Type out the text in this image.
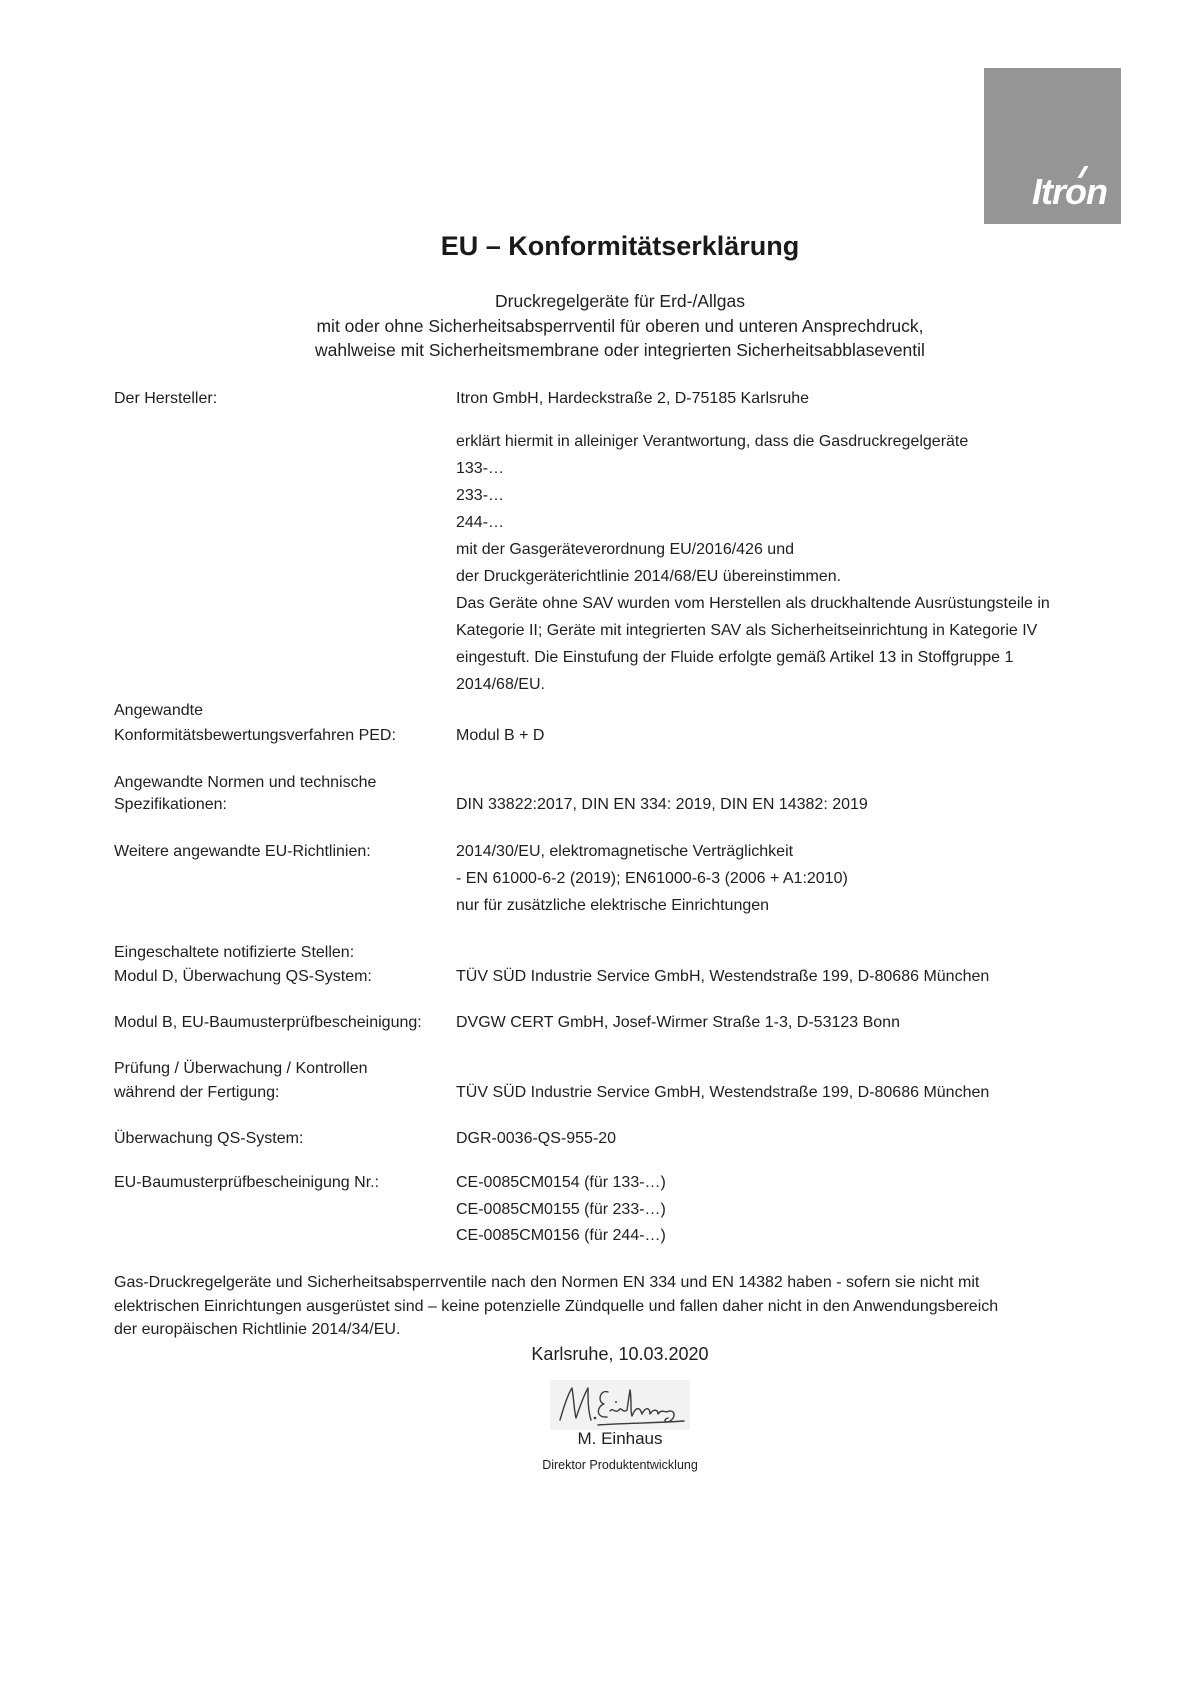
Itron
EU – Konformitätserklärung
Druckregelgeräte für Erd-/Allgas
mit oder ohne Sicherheitsabsperrventil für oberen und unteren Ansprechdruck,
wahlweise mit Sicherheitsmembrane oder integrierten Sicherheitsabblaseventil
Der Hersteller:	Itron GmbH, Hardeckstraße 2, D-75185 Karlsruhe
erklärt hiermit in alleiniger Verantwortung, dass die Gasdruckregelgeräte
133-…
233-…
244-…
mit der Gasgeräteverordnung EU/2016/426 und
der Druckgeräterichtlinie 2014/68/EU übereinstimmen.
Das Geräte ohne SAV wurden vom Herstellen als druckhaltende Ausrüstungsteile in
Kategorie II; Geräte mit integrierten SAV als Sicherheitseinrichtung in Kategorie IV
eingestuft. Die Einstufung der Fluide erfolgte gemäß Artikel 13 in Stoffgruppe 1
2014/68/EU.
Angewandte
Konformitätsbewertungsverfahren PED:	Modul B + D
Angewandte Normen und technische
Spezifikationen:	DIN 33822:2017, DIN EN 334: 2019, DIN EN 14382: 2019
Weitere angewandte EU-Richtlinien:	2014/30/EU, elektromagnetische Verträglichkeit
- EN 61000-6-2 (2019); EN61000-6-3 (2006 + A1:2010)
nur für zusätzliche elektrische Einrichtungen
Eingeschaltete notifizierte Stellen:
Modul D, Überwachung QS-System:	TÜV SÜD Industrie Service GmbH, Westendstraße 199, D-80686 München
Modul B, EU-Baumusterprüfbescheinigung: DVGW CERT GmbH, Josef-Wirmer Straße 1-3, D-53123 Bonn
Prüfung / Überwachung / Kontrollen
während der Fertigung:	TÜV SÜD Industrie Service GmbH, Westendstraße 199, D-80686 München
Überwachung QS-System:	DGR-0036-QS-955-20
EU-Baumusterprüfbescheinigung Nr.:	CE-0085CM0154 (für 133-…)
CE-0085CM0155 (für 233-…)
CE-0085CM0156 (für 244-…)
Gas-Druckregelgeräte und Sicherheitsabsperrventile nach den Normen EN 334 und EN 14382 haben - sofern sie nicht mit
elektrischen Einrichtungen ausgerüstet sind – keine potenzielle Zündquelle und fallen daher nicht in den Anwendungsbereich
der europäischen Richtlinie 2014/34/EU.
Karlsruhe, 10.03.2020
M. Einhaus
Direktor Produktentwicklung
